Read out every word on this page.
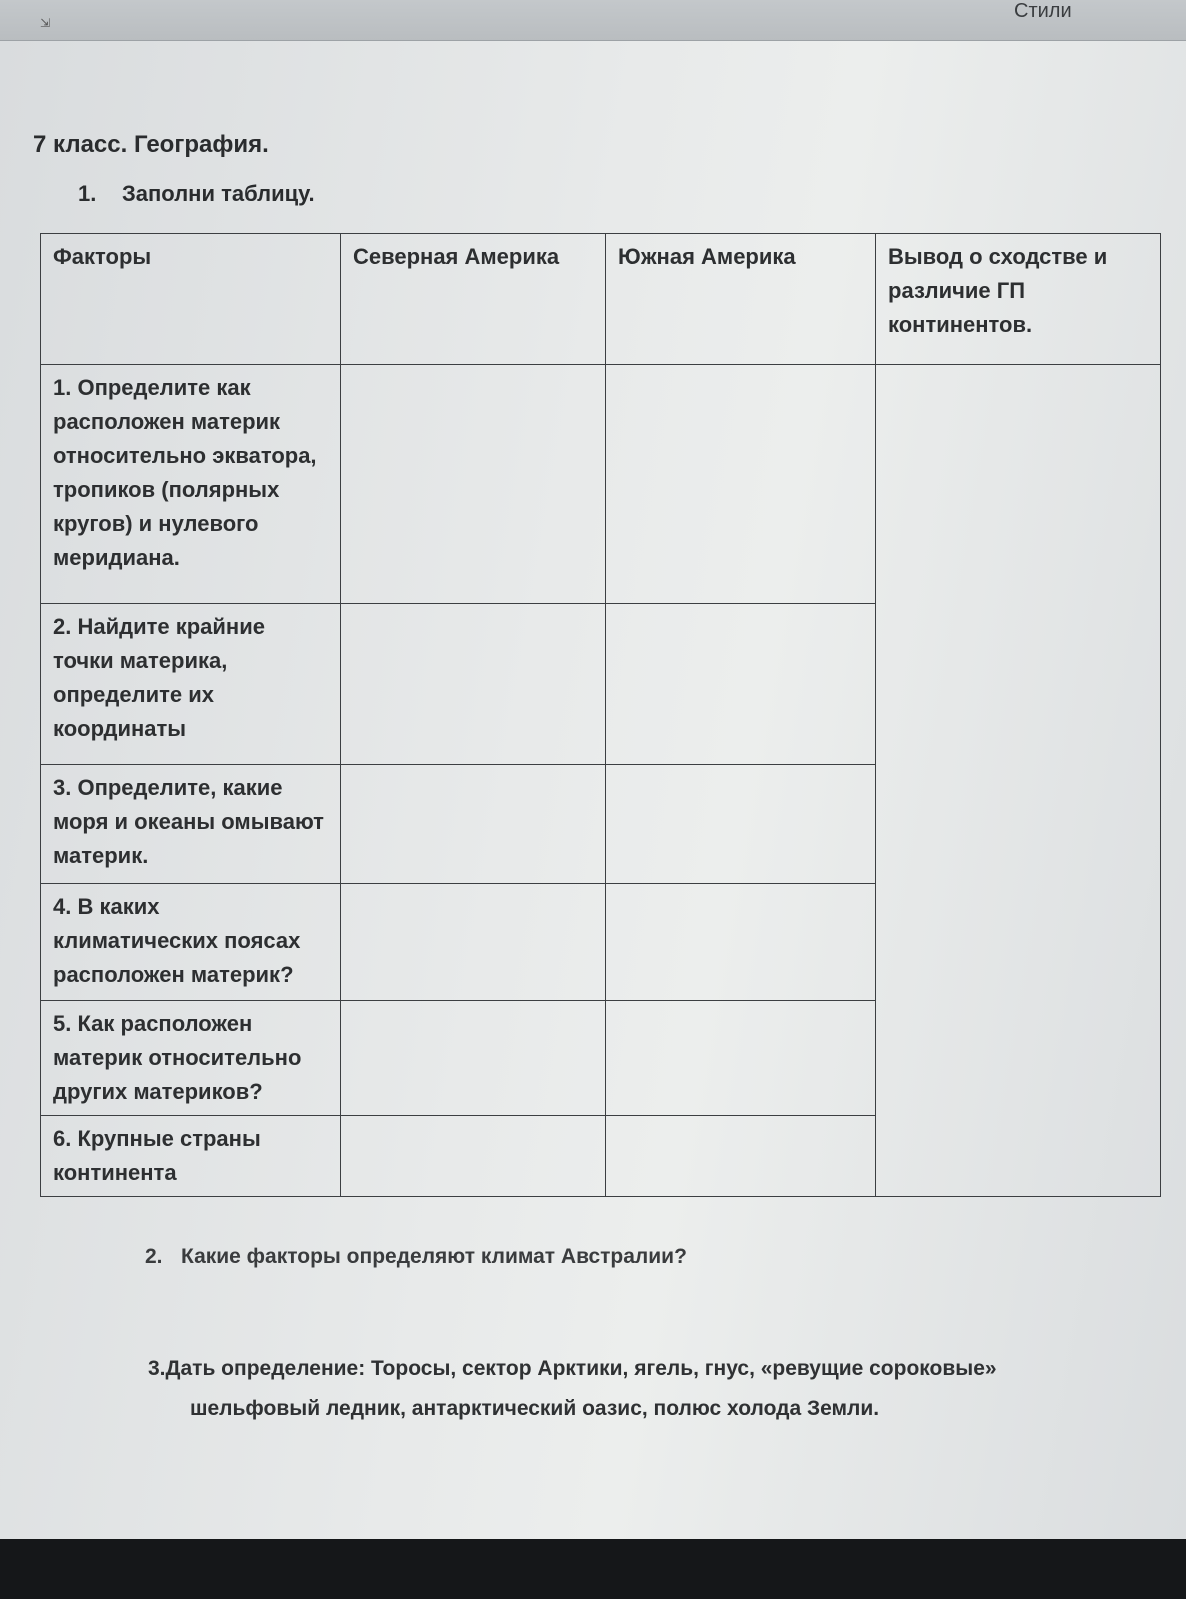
⇲
Стили
7 класс. География.
1. Заполни таблицу.
Факторы	Северная Америка	Южная Америка	Вывод о сходстве и различие ГП континентов.
1. Определите как расположен материк относительно экватора, тропиков (полярных кругов) и нулевого меридиана.			
2. Найдите крайние точки материка, определите их координаты			
3. Определите, какие моря и океаны омывают материк.			
4. В каких климатических поясах расположен материк?			
5. Как расположен материк относительно других материков?			
6. Крупные страны континента			
2. Какие факторы определяют климат Австралии?
3.Дать определение: Торосы, сектор Арктики, ягель, гнус, «ревущие сороковые»
шельфовый ледник, антарктический оазис, полюс холода Земли.
